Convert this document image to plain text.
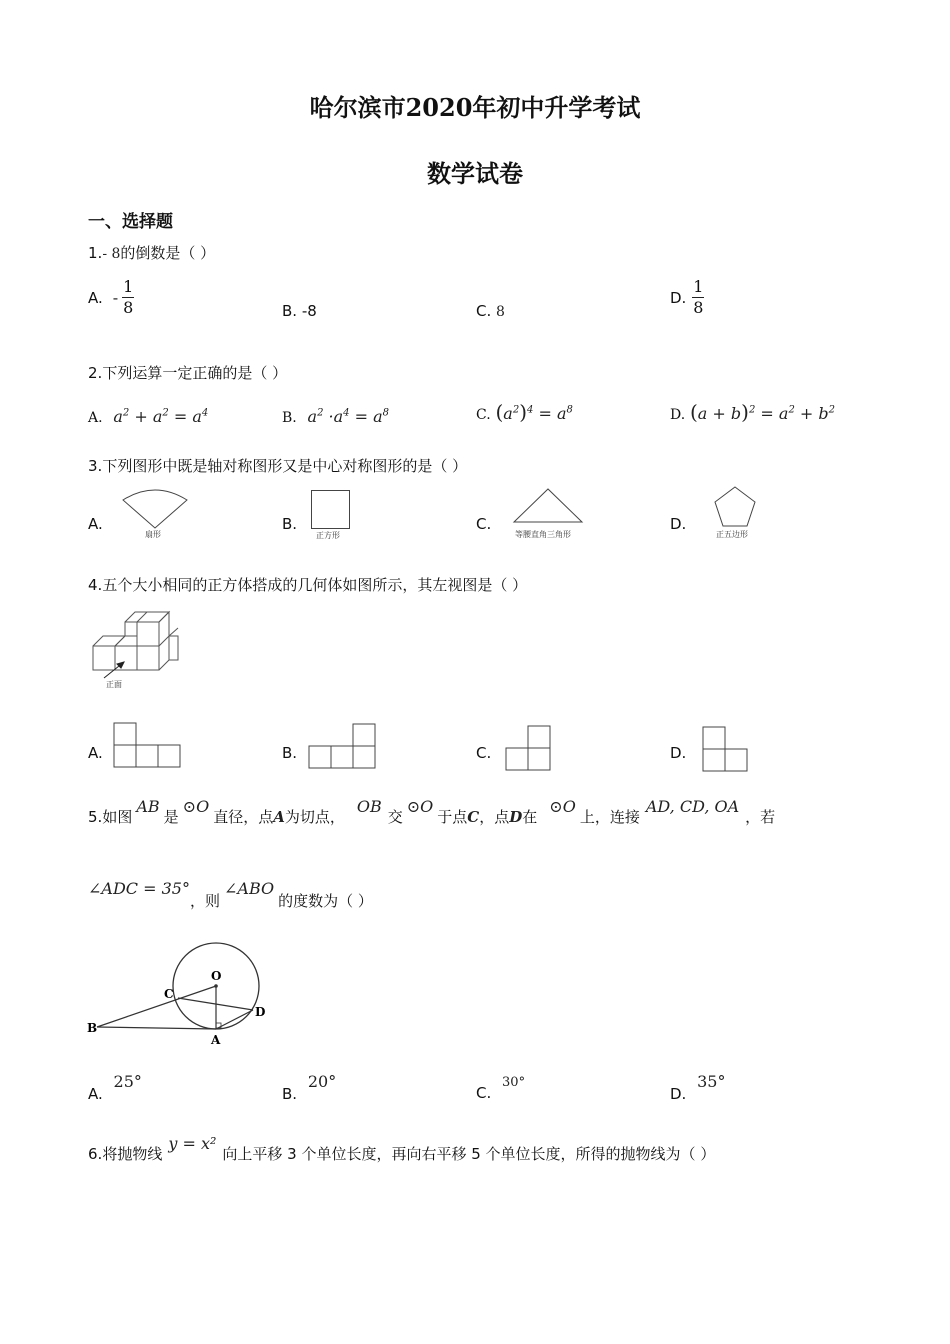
哈尔滨市2020年初中升学考试
数学试卷
一、选择题
1.- 8的倒数是（ ）
A. - $\frac{1}{8}$	B. -8	C. 8
D. $\frac{1}{8}$
2.下列运算一定正确的是（ ）
A. $a^2 + a^2 = a^4$	B. $a^2 \cdot a^4 = a^8$	C. $(a^2)^4 = a^8$	D. $(a + b)^2 = a^2 + b^2$
3.下列图形中既是轴对称图形又是中心对称图形的是（ ）
A.
扇形
B.
正方形
C.
等腰直角三角形
D.
正五边形
4.五个大小相同的正方体搭成的几何体如图所示，其左视图是（ ）
正面
A.	B.	C.	D.
5.如图AB是⊙O直径，点A为切点，OB交⊙O于点C，点D在⊙O上，连接AD, CD, OA，若
∠ADC = 35°，则∠ABO的度数为（ ）
O
C
B
A
D
A. 25°
B. 20°
C. 30°
D. 35°
6.将抛物线y = x²向上平移 3 个单位长度，再向右平移 5 个单位长度，所得的抛物线为（ ）
